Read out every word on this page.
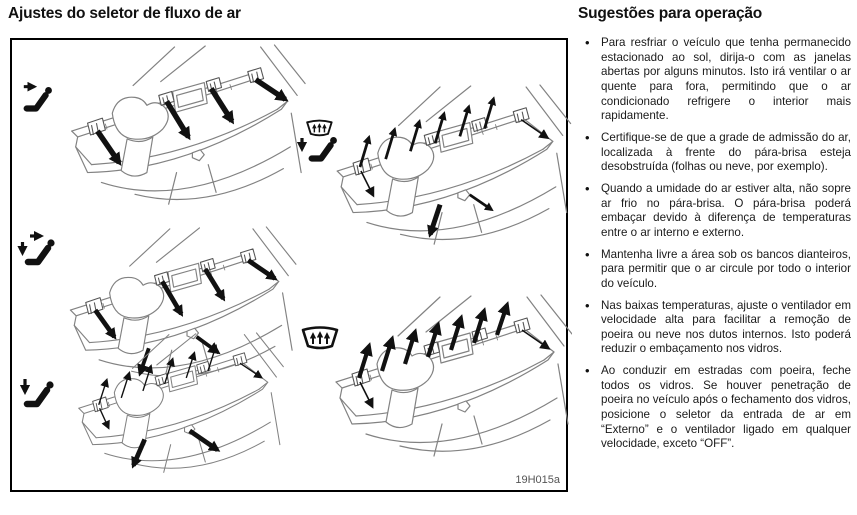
Ajustes do seletor de fluxo de ar
19H015a
Sugestões para operação
• Para resfriar o veículo que tenha permanecido estacionado ao sol, dirija-o com as janelas abertas por alguns minutos. Isto irá ventilar o ar quente para fora, permitindo que o ar condicionado refrigere o interior mais rapidamente.
• Certifique-se de que a grade de admissão do ar, localizada à frente do pára-brisa esteja desobstruída (folhas ou neve, por exemplo).
• Quando a umidade do ar estiver alta, não sopre ar frio no pára-brisa. O pára-brisa poderá embaçar devido à diferença de temperaturas entre o ar interno e externo.
• Mantenha livre a área sob os bancos dianteiros, para permitir que o ar circule por todo o interior do veículo.
• Nas baixas temperaturas, ajuste o ventilador em velocidade alta para facilitar a remoção de poeira ou neve nos dutos internos. Isto poderá reduzir o embaçamento nos vidros.
• Ao conduzir em estradas com poeira, feche todos os vidros. Se houver penetração de poeira no veículo após o fechamento dos vidros, posicione o seletor da entrada de ar em “Externo” e o ventilador ligado em qualquer velocidade, exceto “OFF”.
